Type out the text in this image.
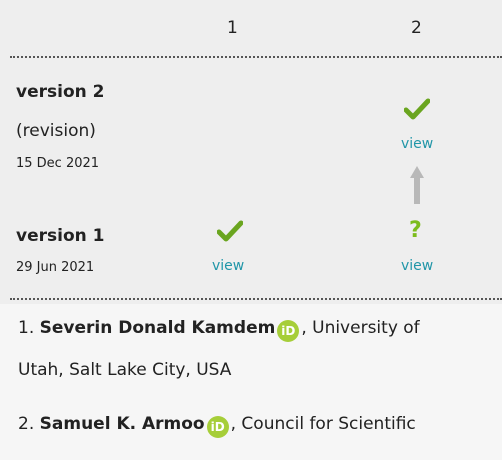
1	2
version 2
(revision)
15 Dec 2021
view
version 1
29 Jun 2021	view
?
view
1. Severin Donald Kamdem iD , University of
Utah, Salt Lake City, USA
2. Samuel K. Armoo iD , Council for Scientific
